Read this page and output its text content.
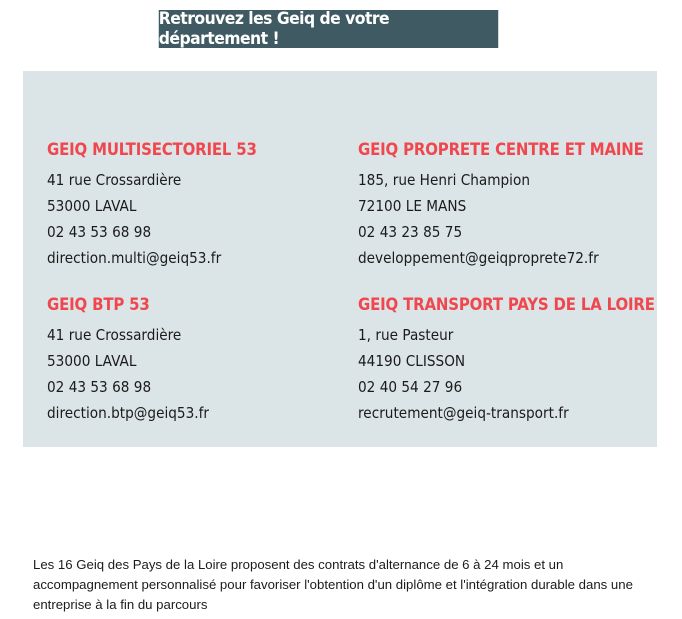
Retrouvez les Geiq de votre département !
GEIQ MULTISECTORIEL 53
41 rue Crossardière
53000 LAVAL
02 43 53 68 98
direction.multi@geiq53.fr
GEIQ PROPRETE CENTRE ET MAINE
185, rue Henri Champion
72100 LE MANS
02 43 23 85 75
developpement@geiqproprete72.fr
GEIQ BTP 53
41 rue Crossardière
53000 LAVAL
02 43 53 68 98
direction.btp@geiq53.fr
GEIQ TRANSPORT PAYS DE LA LOIRE
1, rue Pasteur
44190 CLISSON
02 40 54 27 96
recrutement@geiq-transport.fr
Les 16 Geiq des Pays de la Loire proposent des contrats d'alternance de 6 à 24 mois et un accompagnement personnalisé pour favoriser l'obtention d'un diplôme et l'intégration durable dans une entreprise à la fin du parcours
